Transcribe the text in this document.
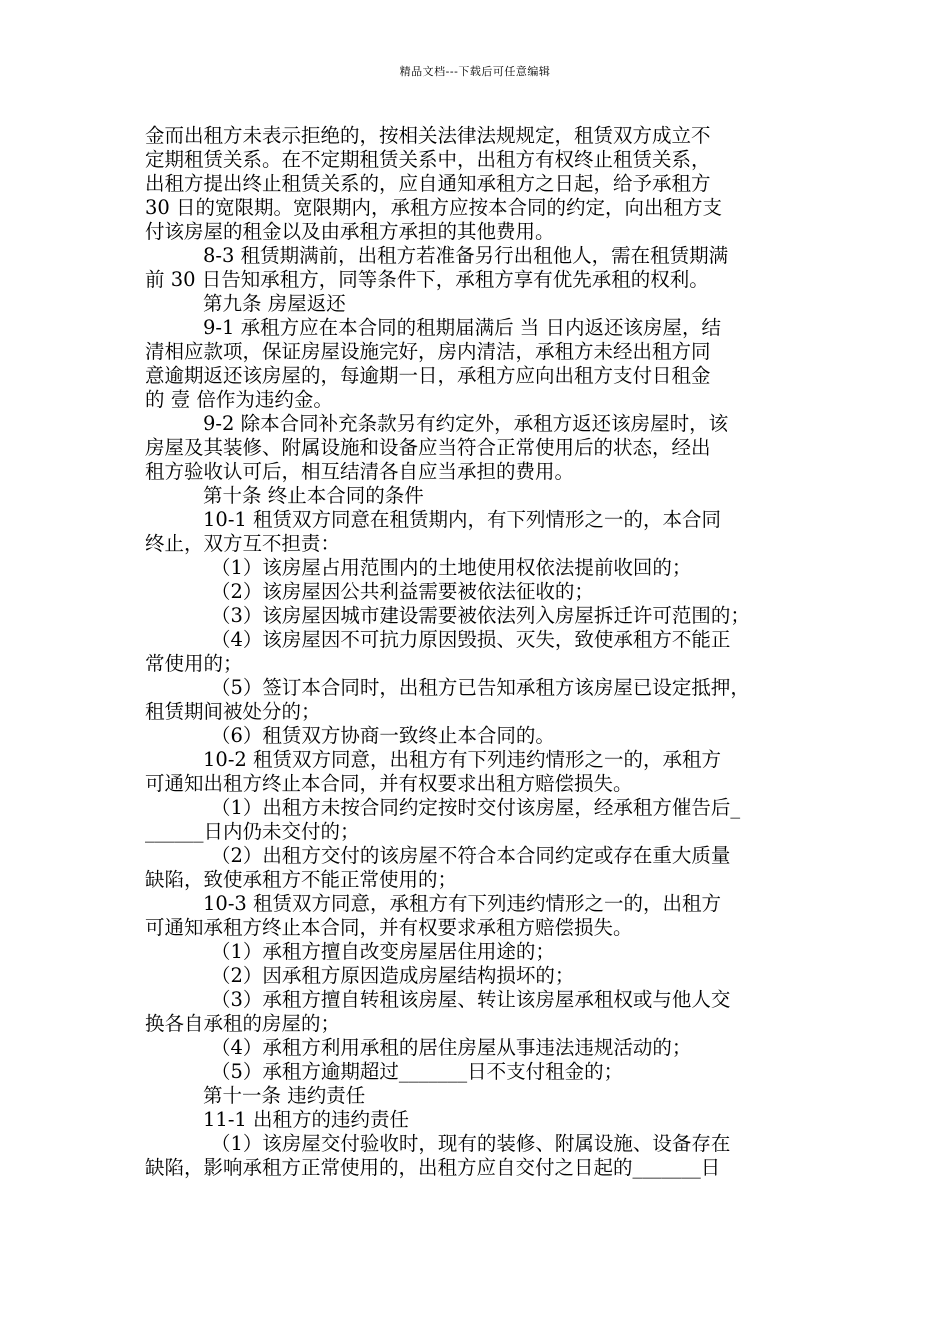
精品文档---下载后可任意编辑
金而出租方未表示拒绝的，按相关法律法规规定，租赁双方成立不
定期租赁关系。在不定期租赁关系中，出租方有权终止租赁关系，
出租方提出终止租赁关系的，应自通知承租方之日起，给予承租方
30 日的宽限期。宽限期内，承租方应按本合同的约定，向出租方支
付该房屋的租金以及由承租方承担的其他费用。
8-3 租赁期满前，出租方若准备另行出租他人，需在租赁期满
前 30 日告知承租方，同等条件下，承租方享有优先承租的权利。
第九条 房屋返还
9-1 承租方应在本合同的租期届满后 当 日内返还该房屋，结
清相应款项，保证房屋设施完好，房内清洁，承租方未经出租方同
意逾期返还该房屋的，每逾期一日，承租方应向出租方支付日租金
的 壹 倍作为违约金。
9-2 除本合同补充条款另有约定外，承租方返还该房屋时，该
房屋及其装修、附属设施和设备应当符合正常使用后的状态，经出
租方验收认可后，相互结清各自应当承担的费用。
第十条 终止本合同的条件
10-1 租赁双方同意在租赁期内，有下列情形之一的，本合同
终止，双方互不担责：
（1）该房屋占用范围内的土地使用权依法提前收回的；
（2）该房屋因公共利益需要被依法征收的；
（3）该房屋因城市建设需要被依法列入房屋拆迁许可范围的；
（4）该房屋因不可抗力原因毁损、灭失，致使承租方不能正
常使用的；
（5）签订本合同时，出租方已告知承租方该房屋已设定抵押，
租赁期间被处分的；
（6）租赁双方协商一致终止本合同的。
10-2 租赁双方同意，出租方有下列违约情形之一的，承租方
可通知出租方终止本合同，并有权要求出租方赔偿损失。
（1）出租方未按合同约定按时交付该房屋，经承租方催告后_
______日内仍未交付的；
（2）出租方交付的该房屋不符合本合同约定或存在重大质量
缺陷，致使承租方不能正常使用的；
10-3 租赁双方同意，承租方有下列违约情形之一的，出租方
可通知承租方终止本合同，并有权要求承租方赔偿损失。
（1）承租方擅自改变房屋居住用途的；
（2）因承租方原因造成房屋结构损坏的；
（3）承租方擅自转租该房屋、转让该房屋承租权或与他人交
换各自承租的房屋的；
（4）承租方利用承租的居住房屋从事违法违规活动的；
（5）承租方逾期超过_______日不支付租金的；
第十一条 违约责任
11-1 出租方的违约责任
（1）该房屋交付验收时，现有的装修、附属设施、设备存在
缺陷，影响承租方正常使用的，出租方应自交付之日起的_______日
